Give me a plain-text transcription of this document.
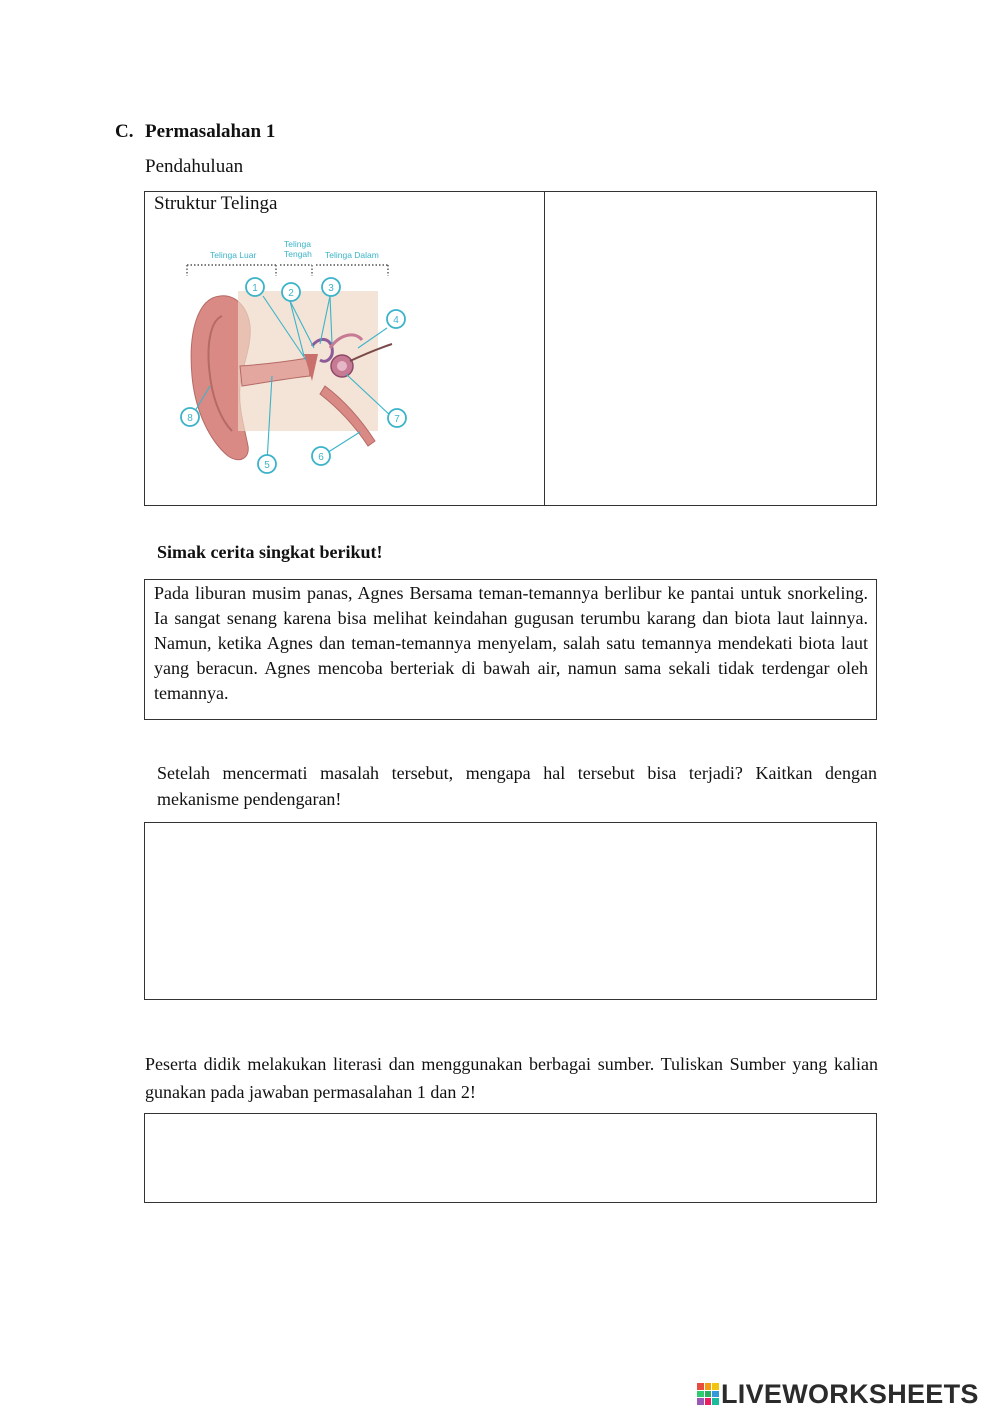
C. Permasalahan 1
Pendahuluan
Struktur Telinga
Telinga Luar
Telinga
Tengah Telinga Dalam
1	2	3
4
5
6
7
8
Simak cerita singkat berikut!
Pada liburan musim panas, Agnes Bersama teman-temannya berlibur ke pantai untuk snorkeling. Ia sangat senang karena bisa melihat keindahan gugusan terumbu karang dan biota laut lainnya. Namun, ketika Agnes dan teman-temannya menyelam, salah satu temannya mendekati biota laut yang beracun. Agnes mencoba berteriak di bawah air, namun sama sekali tidak terdengar oleh temannya.
Setelah mencermati masalah tersebut, mengapa hal tersebut bisa terjadi? Kaitkan dengan mekanisme pendengaran!
Peserta didik melakukan literasi dan menggunakan berbagai sumber. Tuliskan Sumber yang kalian gunakan pada jawaban permasalahan 1 dan 2!
LIVEWORKSHEETS
